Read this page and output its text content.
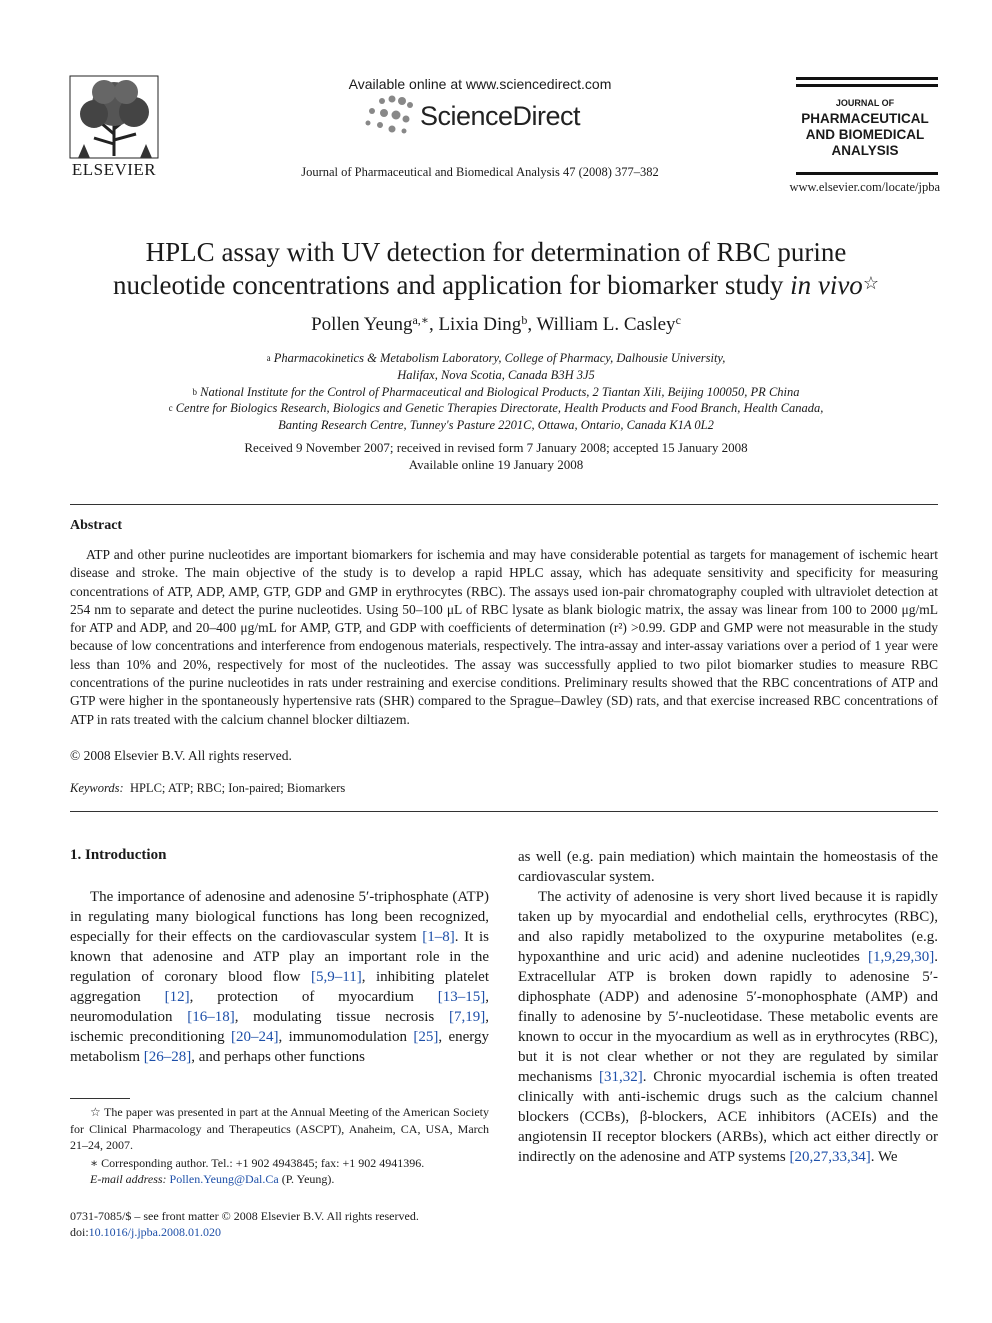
ELSEVIER
Available online at www.sciencedirect.com
ScienceDirect
Journal of Pharmaceutical and Biomedical Analysis 47 (2008) 377–382
JOURNAL OF
PHARMACEUTICAL
AND BIOMEDICAL
ANALYSIS
www.elsevier.com/locate/jpba
HPLC assay with UV detection for determination of RBC purine
nucleotide concentrations and application for biomarker study in vivo☆
Pollen Yeung$^{a,∗}$, Lixia Ding$^b$, William L. Casley$^c$
$^a$ Pharmacokinetics & Metabolism Laboratory, College of Pharmacy, Dalhousie University,
Halifax, Nova Scotia, Canada B3H 3J5
$^b$ National Institute for the Control of Pharmaceutical and Biological Products, 2 Tiantan Xili, Beijing 100050, PR China
$^c$ Centre for Biologics Research, Biologics and Genetic Therapies Directorate, Health Products and Food Branch, Health Canada,
Banting Research Centre, Tunney's Pasture 2201C, Ottawa, Ontario, Canada K1A 0L2
Received 9 November 2007; received in revised form 7 January 2008; accepted 15 January 2008
Available online 19 January 2008
Abstract
ATP and other purine nucleotides are important biomarkers for ischemia and may have considerable potential as targets for management of ischemic heart disease and stroke. The main objective of the study is to develop a rapid HPLC assay, which has adequate sensitivity and specificity for measuring concentrations of ATP, ADP, AMP, GTP, GDP and GMP in erythrocytes (RBC). The assays used ion-pair chromatography coupled with ultraviolet detection at 254 nm to separate and detect the purine nucleotides. Using 50–100 μL of RBC lysate as blank biologic matrix, the assay was linear from 100 to 2000 μg/mL for ATP and ADP, and 20–400 μg/mL for AMP, GTP, and GDP with coefficients of determination (r²) >0.99. GDP and GMP were not measurable in the study because of low concentrations and interference from endogenous materials, respectively. The intra-assay and inter-assay variations over a period of 1 year were less than 10% and 20%, respectively for most of the nucleotides. The assay was successfully applied to two pilot biomarker studies to measure RBC concentrations of the purine nucleotides in rats under restraining and exercise conditions. Preliminary results showed that the RBC concentrations of ATP and GTP were higher in the spontaneously hypertensive rats (SHR) compared to the Sprague–Dawley (SD) rats, and that exercise increased RBC concentrations of ATP in rats treated with the calcium channel blocker diltiazem.
© 2008 Elsevier B.V. All rights reserved.
Keywords: HPLC; ATP; RBC; Ion-paired; Biomarkers
1. Introduction
The importance of adenosine and adenosine 5′-triphosphate (ATP) in regulating many biological functions has long been recognized, especially for their effects on the cardiovascular system [1–8]. It is known that adenosine and ATP play an important role in the regulation of coronary blood flow [5,9–11], inhibiting platelet aggregation [12], protection of myocardium [13–15], neuromodulation [16–18], modulating tissue necrosis [7,19], ischemic preconditioning [20–24], immunomodulation [25], energy metabolism [26–28], and perhaps other functions
as well (e.g. pain mediation) which maintain the homeostasis of the cardiovascular system.
The activity of adenosine is very short lived because it is rapidly taken up by myocardial and endothelial cells, erythrocytes (RBC), and also rapidly metabolized to the oxypurine metabolites (e.g. hypoxanthine and uric acid) and adenine nucleotides [1,9,29,30]. Extracellular ATP is broken down rapidly to adenosine 5′-diphosphate (ADP) and adenosine 5′-monophosphate (AMP) and finally to adenosine by 5′-nucleotidase. These metabolic events are known to occur in the myocardium as well as in erythrocytes (RBC), but it is not clear whether or not they are regulated by similar mechanisms [31,32]. Chronic myocardial ischemia is often treated clinically with anti-ischemic drugs such as the calcium channel blockers (CCBs), β-blockers, ACE inhibitors (ACEIs) and the angiotensin II receptor blockers (ARBs), which act either directly or indirectly on the adenosine and ATP systems [20,27,33,34]. We
☆ The paper was presented in part at the Annual Meeting of the American Society for Clinical Pharmacology and Therapeutics (ASCPT), Anaheim, CA, USA, March 21–24, 2007.
∗ Corresponding author. Tel.: +1 902 4943845; fax: +1 902 4941396.
E-mail address: Pollen.Yeung@Dal.Ca (P. Yeung).
0731-7085/$ – see front matter © 2008 Elsevier B.V. All rights reserved.
doi:10.1016/j.jpba.2008.01.020
